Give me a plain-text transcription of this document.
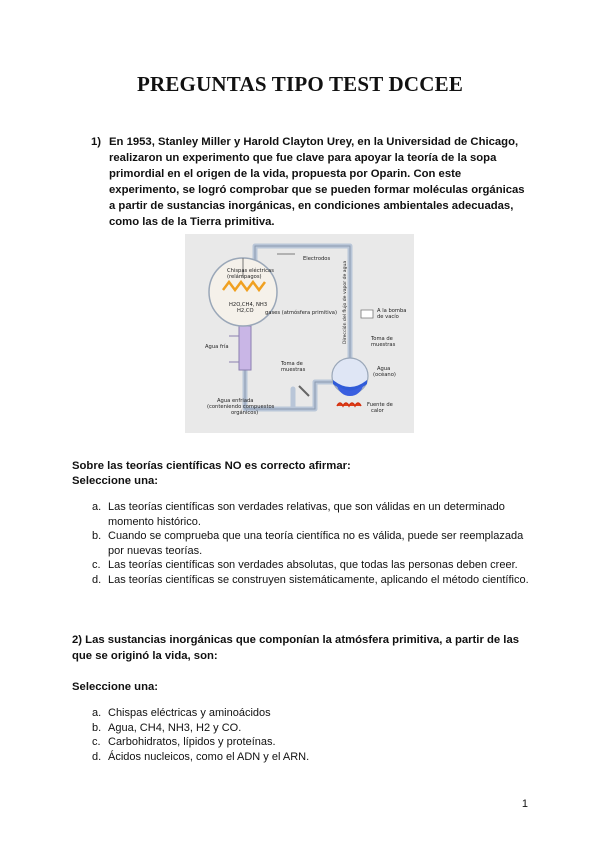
PREGUNTAS TIPO TEST DCCEE
1) En 1953, Stanley Miller y Harold Clayton Urey, en la Universidad de Chicago, realizaron un experimento que fue clave para apoyar la teoría de la sopa primordial en el origen de la vida, propuesta por Oparin. Con este experimento, se logró comprobar que se pueden formar moléculas orgánicas a partir de sustancias inorgánicas, en condiciones ambientales adecuadas, como las de la Tierra primitiva.
Chispas eléctricas
(relámpagos)
H2O,CH4, NH3
H2,CO
Electrodos
gases (atmósfera primitiva)
Agua fría
Toma de
muestras
Agua enfriada
(conteniendo compuestos
orgánicos)
A la bomba
de vacío
Toma de
muestras
Agua
(océano)
Fuente de
calor
Dirección del flujo de vapor de agua
Sobre las teorías científicas NO es correcto afirmar:
Seleccione una:
a. Las teorías científicas son verdades relativas, que son válidas en un determinado momento histórico.
b. Cuando se comprueba que una teoría científica no es válida, puede ser reemplazada por nuevas teorías.
c. Las teorías científicas son verdades absolutas, que todas las personas deben creer.
d. Las teorías científicas se construyen sistemáticamente, aplicando el método científico.
2) Las sustancias inorgánicas que componían la atmósfera primitiva, a partir de las que se originó la vida, son:
Seleccione una:
a. Chispas eléctricas y aminoácidos
b. Agua, CH4, NH3, H2 y CO.
c. Carbohidratos, lípidos y proteínas.
d. Ácidos nucleicos, como el ADN y el ARN.
1
